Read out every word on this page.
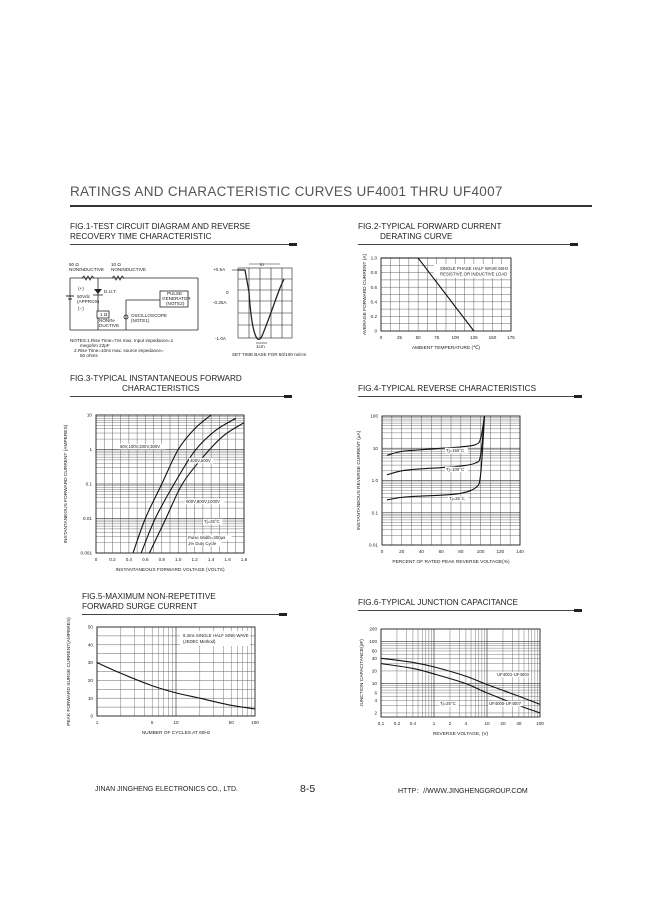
RATINGS AND CHARACTERISTIC CURVES UF4001 THRU UF4007
FIG.1-TEST CIRCUIT DIAGRAM AND REVERSE
RECOVERY TIME CHARACTERISTIC
FIG.2-TYPICAL FORWARD CURRENT
DERATING CURVE
FIG.3-TYPICAL INSTANTANEOUS FORWARD
CHARACTERISTICS	FIG.4-TYPICAL REVERSE CHARACTERISTICS
FIG.5-MAXIMUM NON-REPETITIVE
FORWARD SURGE CURRENT	FIG.6-TYPICAL JUNCTION CAPACITANCE
50 Ω
NONINDUCTIVE
10 Ω
NONINDUCTIVE
D.U.T.
(+)
50Vdc
(APPROX)
(−)
PULSE
GENERATOR
(NOTE2)
1 Ω
NONIN-
DUCTIVE
OSCILLOSCOPE
(NOTE1)
NOTES:1.Rise Time=7ns max. Input impedance=1
megohm 22pF
2.Rise Time=10ns max. source impedance=
50 ohms
+0.5A
0
-0.25A
-1.0A
trr
1cm
SET TIME BASE FOR 50/100 ns/cm
0	25	50	75	100 125 150 175
0
0.2
0.4
0.6
0.8
1.0
AMBIENT TEMPERATURE (℃)
AVERAGE FORWARD CURRENT (A)	SINGLE PHASE HALF WAVE 60Hz
RESISTIVE OR INDUCTIVE LOAD
0	0.2 0.4 0.6 0.8 1.0 1.2 1.4 1.6 1.8
0.001
0.01
0.1
1
10
INSTANTANEOUS FORWARD VOLTAGE (VOLTS)
INSTANTANEOUS FORWARD CURRENT (AMPERES)	50V,100V,200V,300V
400V,500V
600V,800V,1000V
Tj=25°C
Pulse Width=300μs
1% Duty Cycle
0	20	40	60	80	100	120	140
0.01
0.1
1.0
10
100
PERCENT OF RATED PEAK REVERSE VOLTAGE(%)
INSTANTANEOUS REVERSE CURRENT (μA)	Tj=150°C
Tj=100°C
Tj=25°C
1	5	10	50	100
0
10
20
30
40
50
NUMBER OF CYCLES AT 60Hz
PEAK FORWARD SURGE CURRENT(AMPERES)	8.3ms SINGLE HALF SINE-WAVE
(JEDEC Method)
0.1 0.2 0.4	1	2	4	10 20 40	100
2
4
6
10
20
40
60
100
200
REVERSE VOLTAGE, (V)
JUNCTION CAPACITANCE(pF)	UF4001-UF4004
UF4005-UF4007
Tj=25°C
JINAN JINGHENG ELECTRONICS CO., LTD.	8-5	HTTP：//WWW.JINGHENGGROUP.COM
